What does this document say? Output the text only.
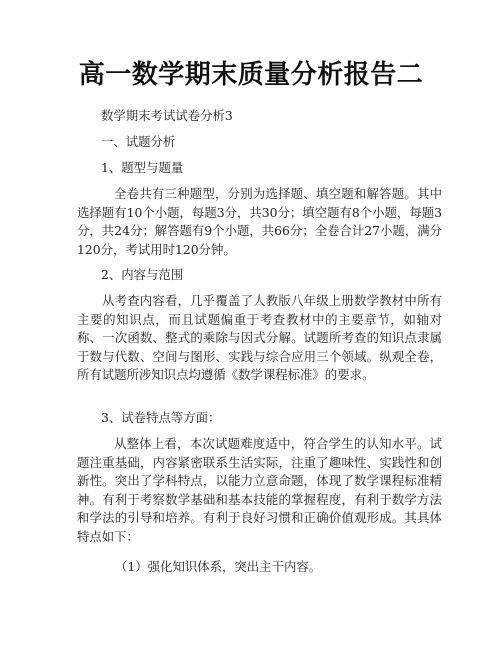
高一数学期末质量分析报告二
数学期末考试试卷分析3
一、试题分析
1、题型与题量
全卷共有三种题型，分别为选择题、填空题和解答题。其中选择题有10个小题，每题3分，共30分；填空题有8个小题，每题3分，共24分；解答题有9个小题，共66分；全卷合计27小题，满分120分，考试用时120分钟。
2、内容与范围
从考查内容看，几乎覆盖了人教版八年级上册数学教材中所有主要的知识点，而且试题偏重于考查教材中的主要章节，如轴对称、一次函数、整式的乘除与因式分解。试题所考查的知识点隶属于数与代数、空间与图形、实践与综合应用三个领域。纵观全卷，所有试题所涉知识点均遵循《数学课程标准》的要求。
3、试卷特点等方面：
从整体上看，本次试题难度适中，符合学生的认知水平。试题注重基础，内容紧密联系生活实际，注重了趣味性、实践性和创新性。突出了学科特点，以能力立意命题，体现了数学课程标准精神。有利于考察数学基础和基本技能的掌握程度，有利于数学方法和学法的引导和培养。有利于良好习惯和正确价值观形成。其具体特点如下：
（1）强化知识体系，突出主干内容。
